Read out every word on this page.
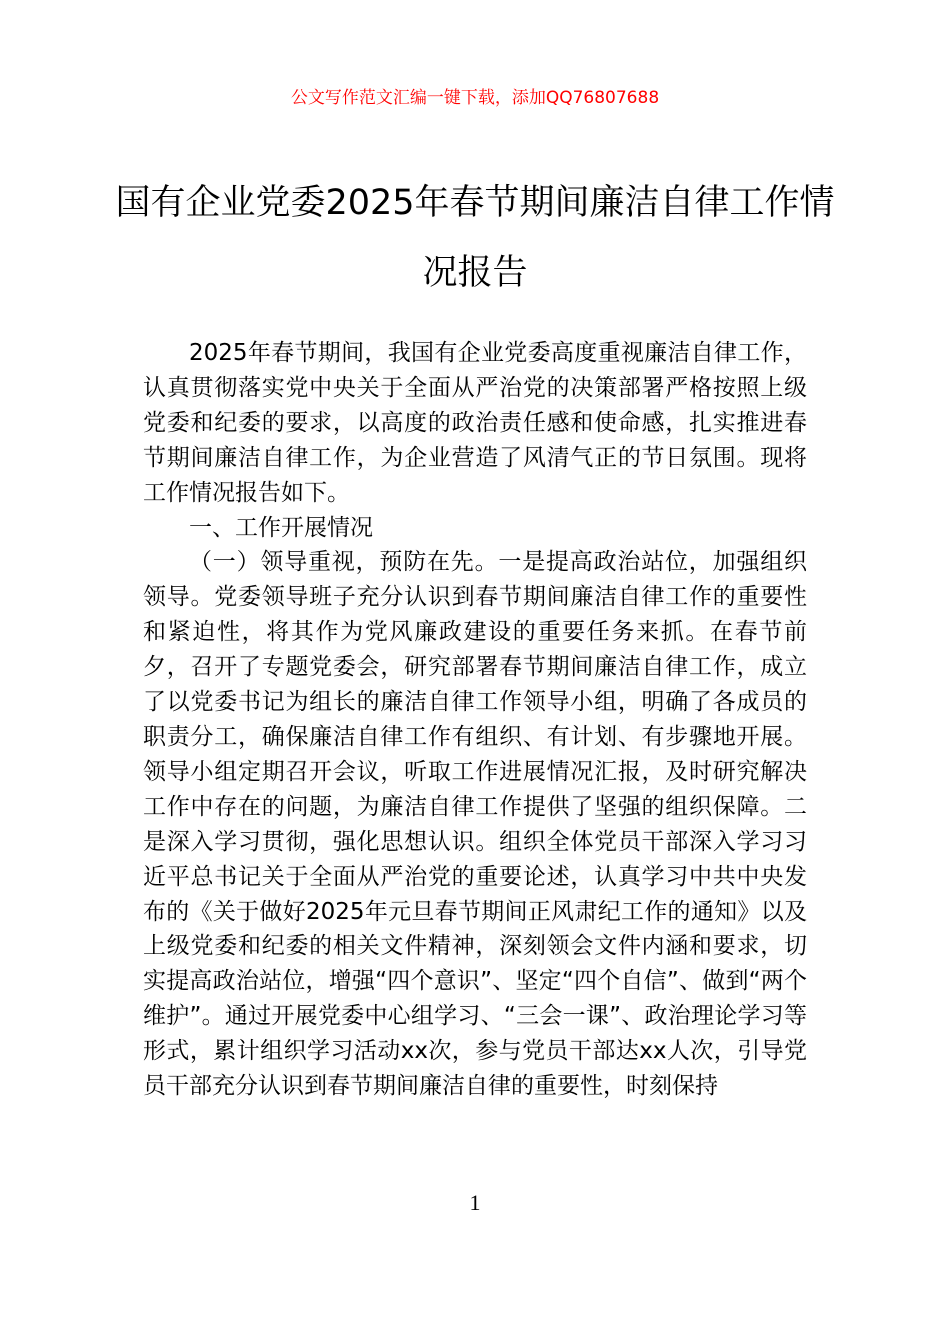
公文写作范文汇编一键下载，添加QQ76807688
国有企业党委2025年春节期间廉洁自律工作情况报告

2025年春节期间，我国有企业党委高度重视廉洁自律工作，认真贯彻落实党中央关于全面从严治党的决策部署严格按照上级党委和纪委的要求，以高度的政治责任感和使命感，扎实推进春节期间廉洁自律工作，为企业营造了风清气正的节日氛围。现将工作情况报告如下。

一、工作开展情况

（一）领导重视，预防在先。一是提高政治站位，加强组织领导。党委领导班子充分认识到春节期间廉洁自律工作的重要性和紧迫性，将其作为党风廉政建设的重要任务来抓。在春节前夕，召开了专题党委会，研究部署春节期间廉洁自律工作，成立了以党委书记为组长的廉洁自律工作领导小组，明确了各成员的职责分工，确保廉洁自律工作有组织、有计划、有步骤地开展。领导小组定期召开会议，听取工作进展情况汇报，及时研究解决工作中存在的问题，为廉洁自律工作提供了坚强的组织保障。二是深入学习贯彻，强化思想认识。组织全体党员干部深入学习习近平总书记关于全面从严治党的重要论述，认真学习中共中央发布的《关于做好2025年元旦春节期间正风肃纪工作的通知》以及上级党委和纪委的相关文件精神，深刻领会文件内涵和要求，切实提高政治站位，增强“四个意识”、坚定“四个自信”、做到“两个维护”。通过开展党委中心组学习、“三会一课”、政治理论学习等形式，累计组织学习活动xx次，参与党员干部达xx人次，引导党员干部充分认识到春节期间廉洁自律的重要性，时刻保持

1
